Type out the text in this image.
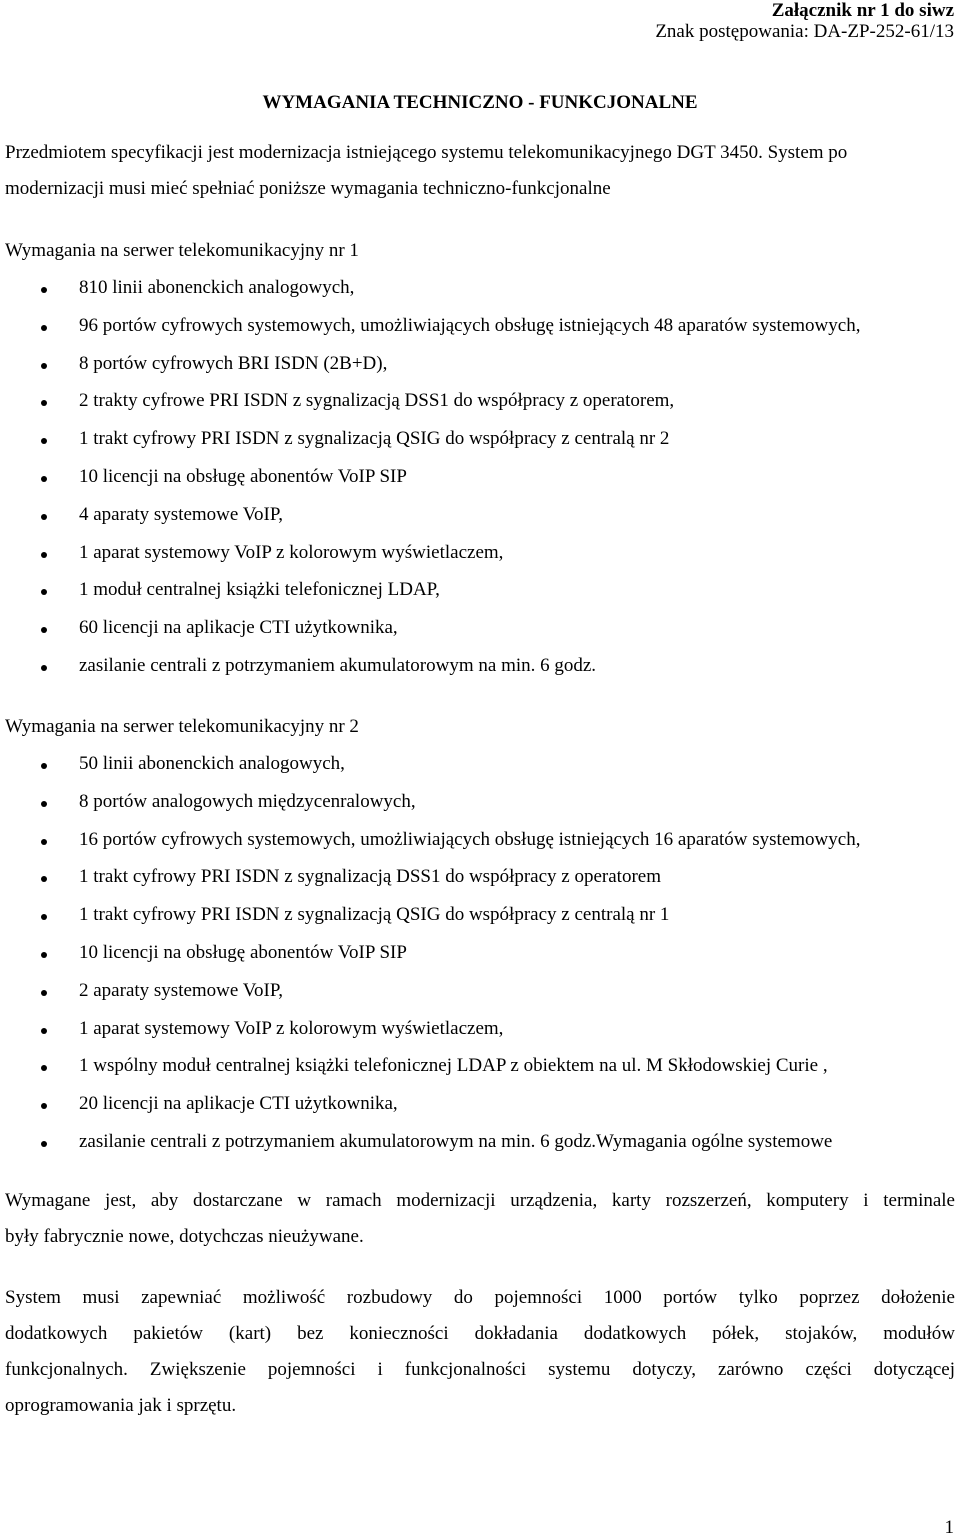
Załącznik nr 1 do siwz
Znak postępowania: DA-ZP-252-61/13
WYMAGANIA TECHNICZNO - FUNKCJONALNE
Przedmiotem specyfikacji jest modernizacja istniejącego systemu telekomunikacyjnego DGT 3450. System po
modernizacji musi mieć spełniać poniższe wymagania techniczno-funkcjonalne
Wymagania na serwer telekomunikacyjny nr 1
810 linii abonenckich analogowych,
96 portów cyfrowych systemowych, umożliwiających obsługę istniejących 48 aparatów systemowych,
8 portów cyfrowych BRI ISDN (2B+D),
2 trakty cyfrowe PRI ISDN z sygnalizacją DSS1 do współpracy z operatorem,
1 trakt cyfrowy PRI ISDN z sygnalizacją QSIG do współpracy z centralą nr 2
10 licencji na obsługę abonentów VoIP SIP
4 aparaty systemowe VoIP,
1 aparat systemowy VoIP z kolorowym wyświetlaczem,
1 moduł centralnej książki telefonicznej LDAP,
60 licencji na aplikacje CTI użytkownika,
zasilanie centrali z potrzymaniem akumulatorowym na min. 6 godz.
Wymagania na serwer telekomunikacyjny nr 2
50 linii abonenckich analogowych,
8 portów analogowych międzycenralowych,
16 portów cyfrowych systemowych, umożliwiających obsługę istniejących 16 aparatów systemowych,
1 trakt cyfrowy PRI ISDN z sygnalizacją DSS1 do współpracy z operatorem
1 trakt cyfrowy PRI ISDN z sygnalizacją QSIG do współpracy z centralą nr 1
10 licencji na obsługę abonentów VoIP SIP
2 aparaty systemowe VoIP,
1 aparat systemowy VoIP z kolorowym wyświetlaczem,
1 wspólny moduł centralnej książki telefonicznej LDAP z obiektem na ul. M Skłodowskiej Curie ,
20 licencji na aplikacje CTI użytkownika,
zasilanie centrali z potrzymaniem akumulatorowym na min. 6 godz.Wymagania ogólne systemowe
Wymagane jest, aby dostarczane w ramach modernizacji urządzenia, karty rozszerzeń, komputery i terminale
były fabrycznie nowe, dotychczas nieużywane.
System musi zapewniać możliwość rozbudowy do pojemności 1000 portów tylko poprzez dołożenie
dodatkowych pakietów (kart) bez konieczności dokładania dodatkowych półek, stojaków, modułów
funkcjonalnych. Zwiększenie pojemności i funkcjonalności systemu dotyczy, zarówno części dotyczącej
oprogramowania jak i sprzętu.
1
